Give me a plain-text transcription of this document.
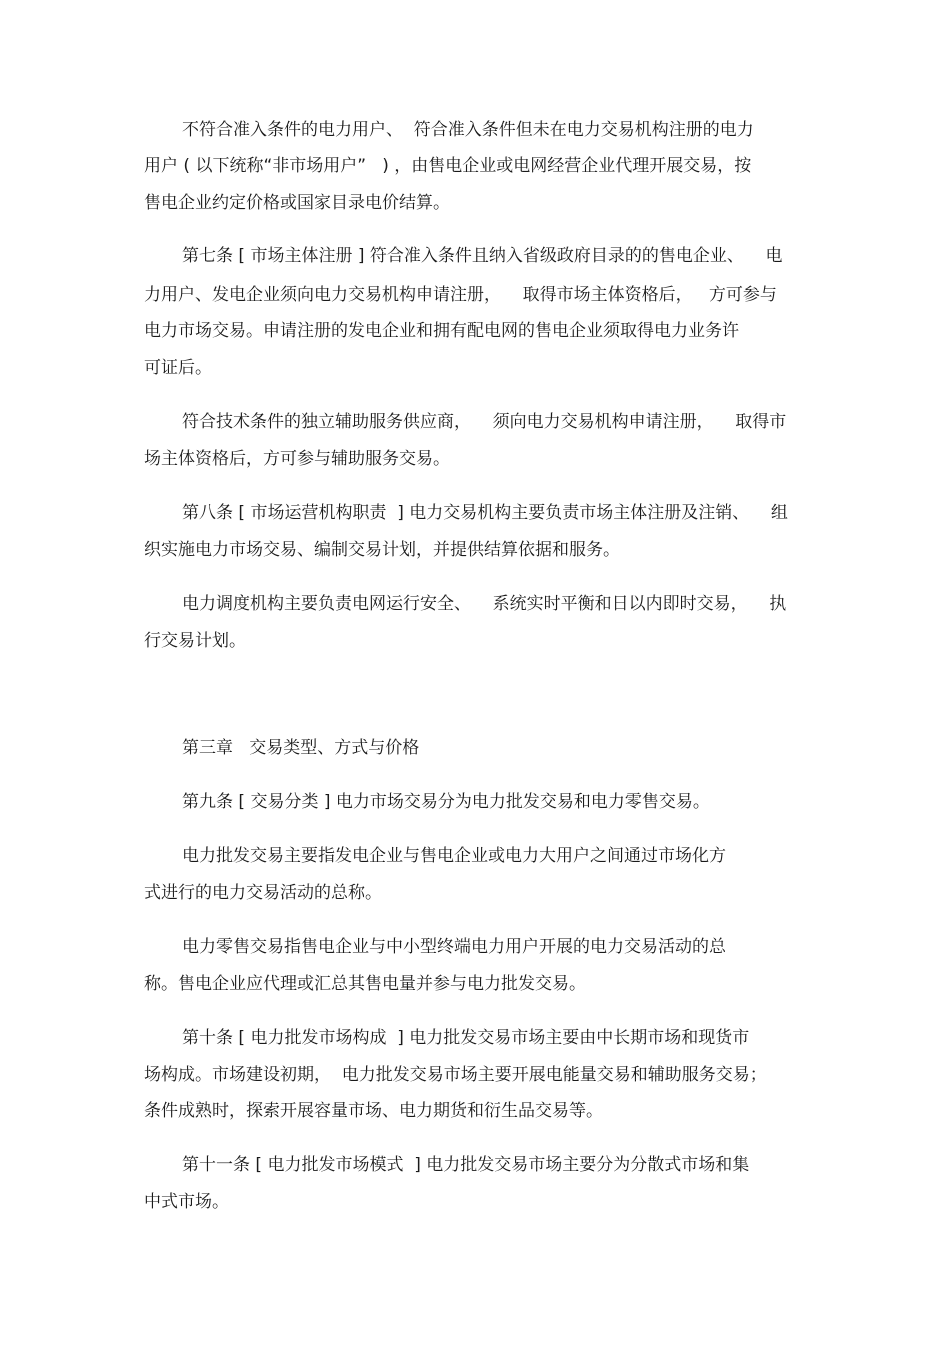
不符合准入条件的电力用户、  符合准入条件但未在电力交易机构注册的电力
用户 ( 以下统称“非市场用户”   ) ，由售电企业或电网经营企业代理开展交易，按
售电企业约定价格或国家目录电价结算。
第七条 [ 市场主体注册 ] 符合准入条件且纳入省级政府目录的的售电企业、    电
力用户、发电企业须向电力交易机构申请注册，    取得市场主体资格后，   方可参与
电力市场交易。申请注册的发电企业和拥有配电网的售电企业须取得电力业务许
可证后。
符合技术条件的独立辅助服务供应商，    须向电力交易机构申请注册，    取得市
场主体资格后，方可参与辅助服务交易。
第八条 [ 市场运营机构职责  ] 电力交易机构主要负责市场主体注册及注销、    组
织实施电力市场交易、编制交易计划，并提供结算依据和服务。
电力调度机构主要负责电网运行安全、    系统实时平衡和日以内即时交易，    执
行交易计划。
第三章   交易类型、方式与价格
第九条 [ 交易分类 ] 电力市场交易分为电力批发交易和电力零售交易。
电力批发交易主要指发电企业与售电企业或电力大用户之间通过市场化方
式进行的电力交易活动的总称。
电力零售交易指售电企业与中小型终端电力用户开展的电力交易活动的总
称。售电企业应代理或汇总其售电量并参与电力批发交易。
第十条 [ 电力批发市场构成  ] 电力批发交易市场主要由中长期市场和现货市
场构成。市场建设初期，  电力批发交易市场主要开展电能量交易和辅助服务交易；
条件成熟时，探索开展容量市场、电力期货和衍生品交易等。
第十一条 [ 电力批发市场模式  ] 电力批发交易市场主要分为分散式市场和集
中式市场。
